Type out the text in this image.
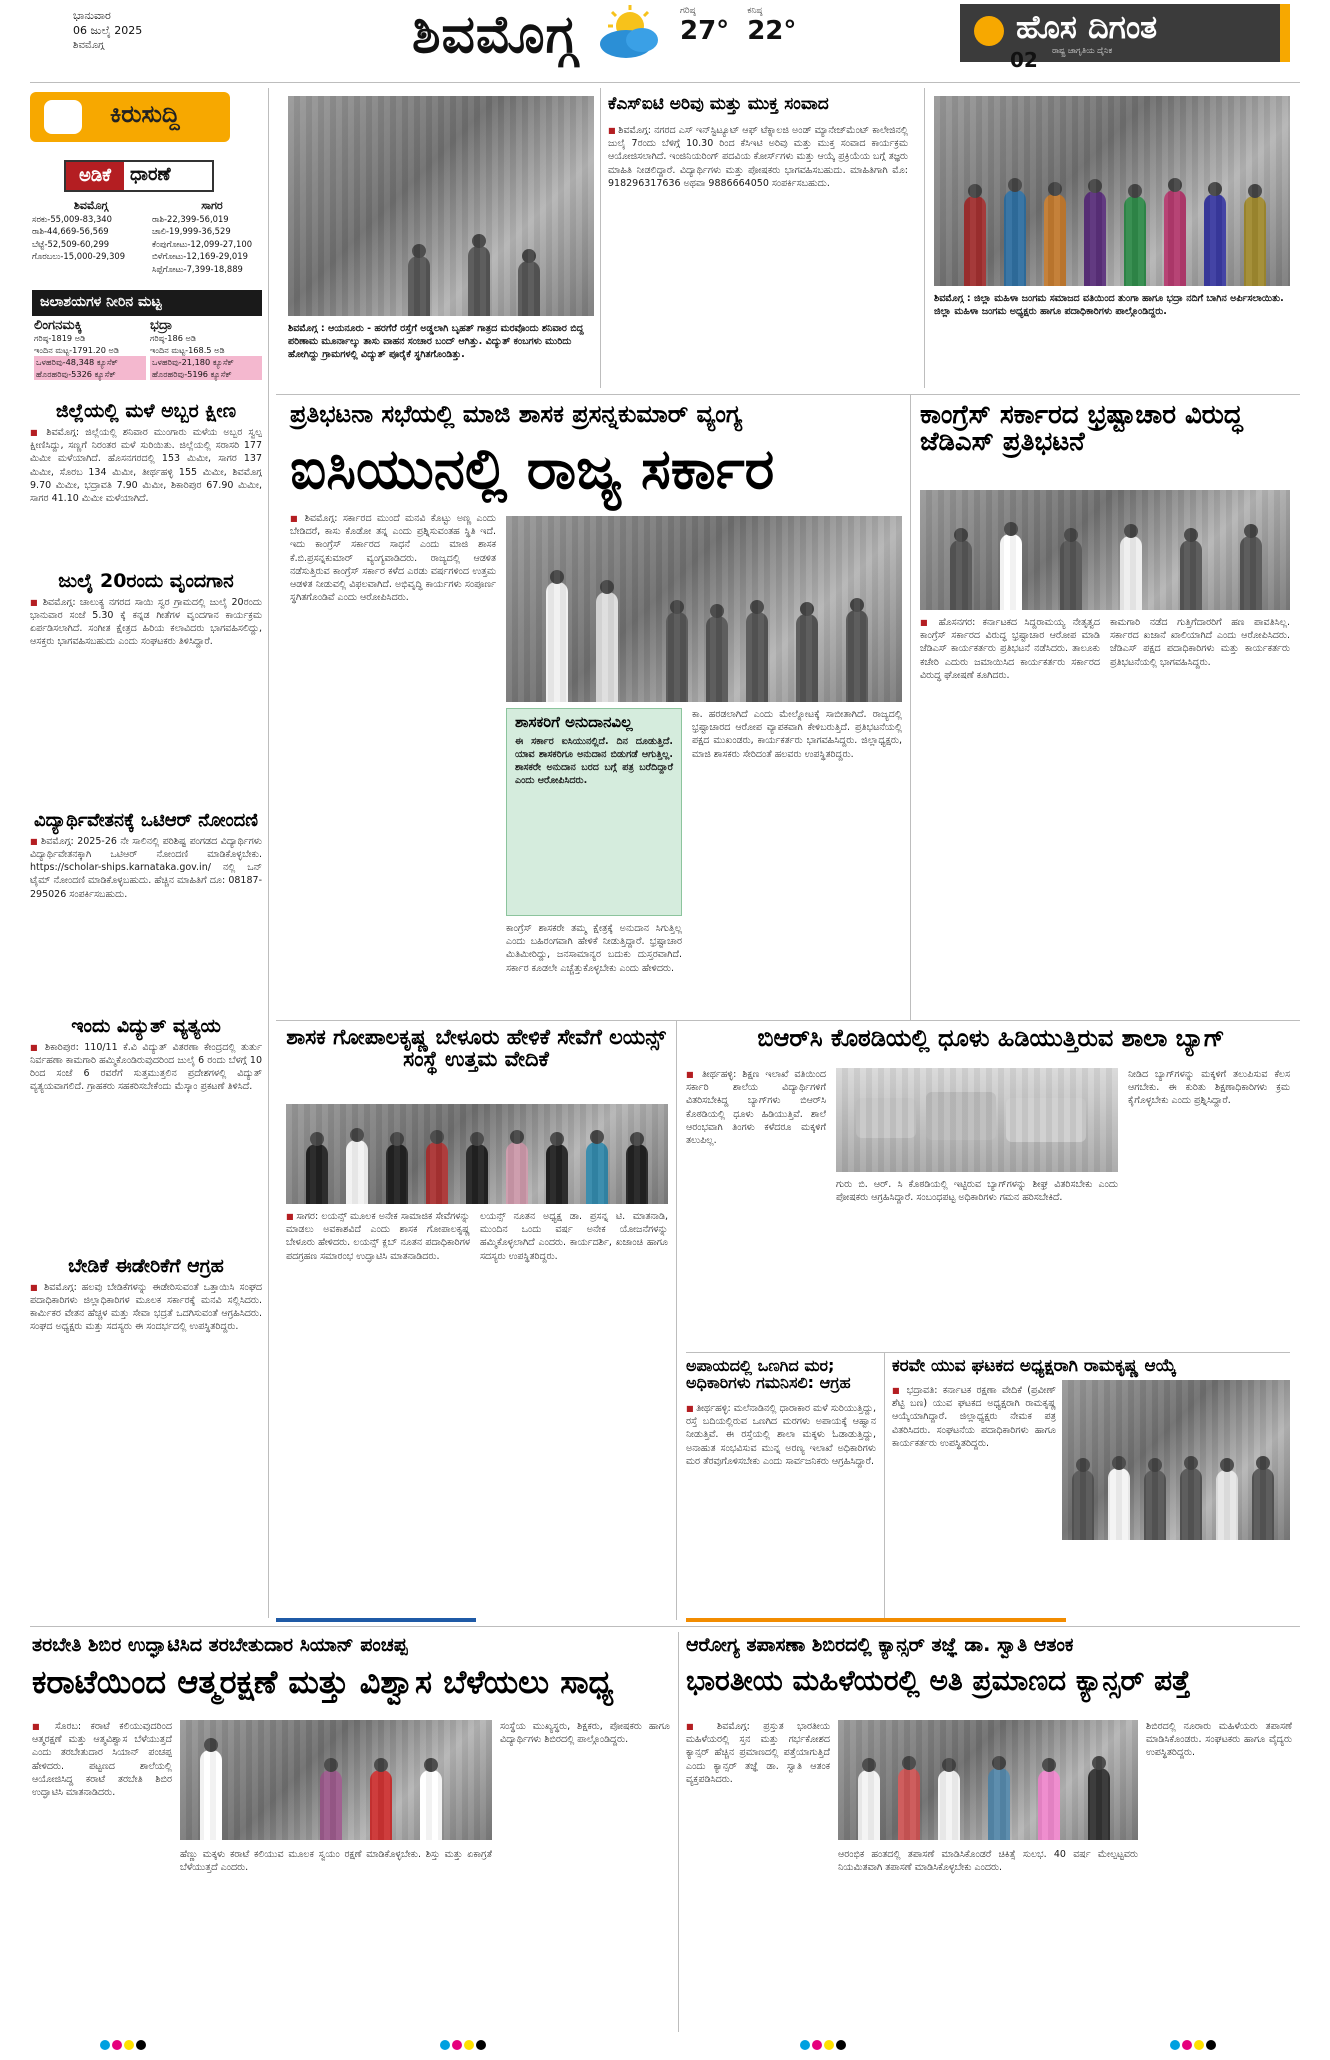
ಭಾನುವಾರ
06 ಜುಲೈ 2025
ಶಿವಮೊಗ್ಗ	ಶಿವಮೊಗ್ಗ	ಗರಿಷ್ಠ
27°
ಕನಿಷ್ಠ
22°	ಹೊಸ ದಿಗಂತ
ರಾಷ್ಟ್ರ ಜಾಗೃತಿಯ ದೈನಿಕ
02
ಕಿರುಸುದ್ದಿ
ಅಡಿಕೆ	ಧಾರಣೆ
ಶಿವಮೊಗ್ಗ
ಸರಕು-55,009-83,340
ರಾಶಿ-44,669-56,569
ಬೆಟ್ಟೆ-52,509-60,299
ಗೊರಬಲು-15,000-29,309
ಸಾಗರ
ರಾಶಿ-22,399-56,019
ಚಾಲಿ-19,999-36,529
ಕೆಂಪುಗೋಟು-12,099-27,100
ಬಿಳೆಗೋಟು-12,169-29,019
ಸಿಪ್ಪೆಗೋಟು-7,399-18,889
ಜಲಾಶಯಗಳ ನೀರಿನ ಮಟ್ಟ
ಲಿಂಗನಮಕ್ಕಿ
ಗರಿಷ್ಠ-1819 ಅಡಿ
ಇಂದಿನ ಮಟ್ಟ-1791.20 ಅಡಿ
ಒಳಹರಿವು-48,348 ಕ್ಯೂಸೆಕ್
ಹೊರಹರಿವು-5326 ಕ್ಯೂಸೆಕ್
ಭದ್ರಾ
ಗರಿಷ್ಠ-186 ಅಡಿ
ಇಂದಿನ ಮಟ್ಟ-168.5 ಅಡಿ
ಒಳಹರಿವು-21,180 ಕ್ಯೂಸೆಕ್
ಹೊರಹರಿವು-5196 ಕ್ಯೂಸೆಕ್
ಜಿಲ್ಲೆಯಲ್ಲಿ ಮಳೆ ಅಬ್ಬರ ಕ್ಷೀಣ
■ ಶಿವಮೊಗ್ಗ: ಜಿಲ್ಲೆಯಲ್ಲಿ ಶನಿವಾರ ಮುಂಗಾರು ಮಳೆಯ ಅಬ್ಬರ ಸ್ವಲ್ಪ ಕ್ಷೀಣಿಸಿದ್ದು, ಸಣ್ಣಗೆ ನಿರಂತರ ಮಳೆ ಸುರಿಯಿತು. ಜಿಲ್ಲೆಯಲ್ಲಿ ಸರಾಸರಿ 177 ಮಿಮೀ ಮಳೆಯಾಗಿದೆ. ಹೊಸನಗರದಲ್ಲಿ 153 ಮಿಮೀ, ಸಾಗರ 137 ಮಿಮೀ, ಸೊರಬ 134 ಮಿಮೀ, ತೀರ್ಥಹಳ್ಳಿ 155 ಮಿಮೀ, ಶಿವಮೊಗ್ಗ 9.70 ಮಿಮೀ, ಭದ್ರಾವತಿ 7.90 ಮಿಮೀ, ಶಿಕಾರಿಪುರ 67.90 ಮಿಮೀ, ಸಾಗರ 41.10 ಮಿಮೀ ಮಳೆಯಾಗಿದೆ.
ಜುಲೈ 20ರಂದು ವೃಂದಗಾನ
■ ಶಿವಮೊಗ್ಗ: ಚಾಲುಕ್ಯ ನಗರದ ಸಾಯಿ ಸ್ವರ ಗ್ರಾಮದಲ್ಲಿ ಜುಲೈ 20ರಂದು ಭಾನುವಾರ ಸಂಜೆ 5.30 ಕ್ಕೆ ಕನ್ನಡ ಗೀತೆಗಳ ವೃಂದಗಾನ ಕಾರ್ಯಕ್ರಮ ಏರ್ಪಡಿಸಲಾಗಿದೆ. ಸಂಗೀತ ಕ್ಷೇತ್ರದ ಹಿರಿಯ ಕಲಾವಿದರು ಭಾಗವಹಿಸಲಿದ್ದು, ಆಸಕ್ತರು ಭಾಗವಹಿಸಬಹುದು ಎಂದು ಸಂಘಟಕರು ತಿಳಿಸಿದ್ದಾರೆ.
ವಿದ್ಯಾರ್ಥಿವೇತನಕ್ಕೆ ಒಟಿಆರ್ ನೋಂದಣಿ
■ ಶಿವಮೊಗ್ಗ: 2025-26 ನೇ ಸಾಲಿನಲ್ಲಿ ಪರಿಶಿಷ್ಟ ಪಂಗಡದ ವಿದ್ಯಾರ್ಥಿಗಳು ವಿದ್ಯಾರ್ಥಿವೇತನಕ್ಕಾಗಿ ಒಟಿಆರ್ ನೋಂದಣಿ ಮಾಡಿಕೊಳ್ಳಬೇಕು. https://scholar-ships.karnataka.gov.in/ ನಲ್ಲಿ ಒನ್ ಟೈಮ್ ನೋಂದಣಿ ಮಾಡಿಕೊಳ್ಳಬಹುದು. ಹೆಚ್ಚಿನ ಮಾಹಿತಿಗೆ ದೂ: 08187-295026 ಸಂಪರ್ಕಿಸಬಹುದು.
ಇಂದು ವಿದ್ಯುತ್ ವ್ಯತ್ಯಯ
■ ಶಿಕಾರಿಪುರ: 110/11 ಕೆ.ವಿ ವಿದ್ಯುತ್ ವಿತರಣಾ ಕೇಂದ್ರದಲ್ಲಿ ತುರ್ತು ನಿರ್ವಹಣಾ ಕಾಮಗಾರಿ ಹಮ್ಮಿಕೊಂಡಿರುವುದರಿಂದ ಜುಲೈ 6 ರಂದು ಬೆಳಗ್ಗೆ 10 ರಿಂದ ಸಂಜೆ 6 ರವರೆಗೆ ಸುತ್ತಮುತ್ತಲಿನ ಪ್ರದೇಶಗಳಲ್ಲಿ ವಿದ್ಯುತ್ ವ್ಯತ್ಯಯವಾಗಲಿದೆ. ಗ್ರಾಹಕರು ಸಹಕರಿಸಬೇಕೆಂದು ಮೆಸ್ಕಾಂ ಪ್ರಕಟಣೆ ತಿಳಿಸಿದೆ.
ಬೇಡಿಕೆ ಈಡೇರಿಕೆಗೆ ಆಗ್ರಹ
■ ಶಿವಮೊಗ್ಗ: ಹಲವು ಬೇಡಿಕೆಗಳನ್ನು ಈಡೇರಿಸುವಂತೆ ಒತ್ತಾಯಿಸಿ ಸಂಘದ ಪದಾಧಿಕಾರಿಗಳು ಜಿಲ್ಲಾಧಿಕಾರಿಗಳ ಮೂಲಕ ಸರ್ಕಾರಕ್ಕೆ ಮನವಿ ಸಲ್ಲಿಸಿದರು. ಕಾರ್ಮಿಕರ ವೇತನ ಹೆಚ್ಚಳ ಮತ್ತು ಸೇವಾ ಭದ್ರತೆ ಒದಗಿಸುವಂತೆ ಆಗ್ರಹಿಸಿದರು. ಸಂಘದ ಅಧ್ಯಕ್ಷರು ಮತ್ತು ಸದಸ್ಯರು ಈ ಸಂದರ್ಭದಲ್ಲಿ ಉಪಸ್ಥಿತರಿದ್ದರು.
ಶಿವಮೊಗ್ಗ : ಆಯನೂರು - ಹರಗೆರೆ ರಸ್ತೆಗೆ ಅಡ್ಡಲಾಗಿ ಬೃಹತ್ ಗಾತ್ರದ ಮರವೊಂದು ಶನಿವಾರ ಬಿದ್ದ ಪರಿಣಾಮ ಮೂರ್ನಾಲ್ಕು ತಾಸು ವಾಹನ ಸಂಚಾರ ಬಂದ್ ಆಗಿತ್ತು. ವಿದ್ಯುತ್ ಕಂಬಗಳು ಮುರಿದು ಹೋಗಿದ್ದು ಗ್ರಾಮಗಳಲ್ಲಿ ವಿದ್ಯುತ್ ಪೂರೈಕೆ ಸ್ಥಗಿತಗೊಂಡಿತ್ತು.
ಕೆಎಸ್‌ಐಟಿ ಅರಿವು ಮತ್ತು ಮುಕ್ತ ಸಂವಾದ
■ ಶಿವಮೊಗ್ಗ: ನಗರದ ಎಸ್ ಇನ್‌ಸ್ಟಿಟ್ಯೂಟ್ ಆಫ್ ಟೆಕ್ನಾಲಜಿ ಅಂಡ್ ಮ್ಯಾನೇಜ್‌ಮೆಂಟ್ ಕಾಲೇಜಿನಲ್ಲಿ ಜುಲೈ 7ರಂದು ಬೆಳಿಗ್ಗೆ 10.30 ರಿಂದ ಕೆಸಿಇಟಿ ಅರಿವು ಮತ್ತು ಮುಕ್ತ ಸಂವಾದ ಕಾರ್ಯಕ್ರಮ ಆಯೋಜಿಸಲಾಗಿದೆ. ಇಂಜಿನಿಯರಿಂಗ್ ಪದವಿಯ ಕೋರ್ಸ್‌ಗಳು ಮತ್ತು ಆಯ್ಕೆ ಪ್ರಕ್ರಿಯೆಯ ಬಗ್ಗೆ ತಜ್ಞರು ಮಾಹಿತಿ ನೀಡಲಿದ್ದಾರೆ. ವಿದ್ಯಾರ್ಥಿಗಳು ಮತ್ತು ಪೋಷಕರು ಭಾಗವಹಿಸಬಹುದು. ಮಾಹಿತಿಗಾಗಿ ಮೊ: 918296317636 ಅಥವಾ 9886664050 ಸಂಪರ್ಕಿಸಬಹುದು.
ಶಿವಮೊಗ್ಗ : ಜಿಲ್ಲಾ ಮಹಿಳಾ ಜಂಗಮ ಸಮಾಜದ ವತಿಯಿಂದ ತುಂಗಾ ಹಾಗೂ ಭದ್ರಾ ನದಿಗೆ ಬಾಗಿನ ಅರ್ಪಿಸಲಾಯಿತು. ಜಿಲ್ಲಾ ಮಹಿಳಾ ಜಂಗಮ ಅಧ್ಯಕ್ಷರು ಹಾಗೂ ಪದಾಧಿಕಾರಿಗಳು ಪಾಲ್ಗೊಂಡಿದ್ದರು.
ಪ್ರತಿಭಟನಾ ಸಭೆಯಲ್ಲಿ ಮಾಜಿ ಶಾಸಕ ಪ್ರಸನ್ನಕುಮಾರ್ ವ್ಯಂಗ್ಯ
ಐಸಿಯುನಲ್ಲಿ ರಾಜ್ಯ ಸರ್ಕಾರ
■ ಶಿವಮೊಗ್ಗ: ಸರ್ಕಾರದ ಮುಂದೆ ಮನವಿ ಕೊಟ್ಟು ಅಣ್ಣ ಎಂದು ಬೇಡಿದರೆ, ಕಾಸು ಕೊಡೋ ತನ್ನ ಎಂದು ಪ್ರಶ್ನಿಸುವಂತಹ ಸ್ಥಿತಿ ಇದೆ. ಇದು ಕಾಂಗ್ರೆಸ್ ಸರ್ಕಾರದ ಸಾಧನೆ ಎಂದು ಮಾಜಿ ಶಾಸಕ ಕೆ.ಬಿ.ಪ್ರಸನ್ನಕುಮಾರ್ ವ್ಯಂಗ್ಯವಾಡಿದರು. ರಾಜ್ಯದಲ್ಲಿ ಆಡಳಿತ ನಡೆಸುತ್ತಿರುವ ಕಾಂಗ್ರೆಸ್ ಸರ್ಕಾರ ಕಳೆದ ಎರಡು ವರ್ಷಗಳಿಂದ ಉತ್ತಮ ಆಡಳಿತ ನೀಡುವಲ್ಲಿ ವಿಫಲವಾಗಿದೆ. ಅಭಿವೃದ್ಧಿ ಕಾರ್ಯಗಳು ಸಂಪೂರ್ಣ ಸ್ಥಗಿತಗೊಂಡಿವೆ ಎಂದು ಆರೋಪಿಸಿದರು.
ಶಾಸಕರಿಗೆ ಅನುದಾನವಿಲ್ಲ
ಈ ಸರ್ಕಾರ ಐಸಿಯುನಲ್ಲಿದೆ. ದಿನ ದೂಡುತ್ತಿದೆ. ಯಾವ ಶಾಸಕರಿಗೂ ಅನುದಾನ ಬಿಡುಗಡೆ ಆಗುತ್ತಿಲ್ಲ. ಶಾಸಕರೇ ಅನುದಾನ ಬರದ ಬಗ್ಗೆ ಪತ್ರ ಬರೆದಿದ್ದಾರೆ ಎಂದು ಆರೋಪಿಸಿದರು.
ಕಾಂಗ್ರೆಸ್ ಶಾಸಕರೇ ತಮ್ಮ ಕ್ಷೇತ್ರಕ್ಕೆ ಅನುದಾನ ಸಿಗುತ್ತಿಲ್ಲ ಎಂದು ಬಹಿರಂಗವಾಗಿ ಹೇಳಿಕೆ ನೀಡುತ್ತಿದ್ದಾರೆ. ಭ್ರಷ್ಟಾಚಾರ ಮಿತಿಮೀರಿದ್ದು, ಜನಸಾಮಾನ್ಯರ ಬದುಕು ದುಸ್ತರವಾಗಿದೆ. ಸರ್ಕಾರ ಕೂಡಲೇ ಎಚ್ಚೆತ್ತುಕೊಳ್ಳಬೇಕು ಎಂದು ಹೇಳಿದರು.
ಕಾ. ಹರಡಲಾಗಿದೆ ಎಂದು ಮೇಲ್ನೋಟಕ್ಕೆ ಸಾಬೀತಾಗಿದೆ. ರಾಜ್ಯದಲ್ಲಿ ಭ್ರಷ್ಟಾಚಾರದ ಆರೋಪ ವ್ಯಾಪಕವಾಗಿ ಕೇಳಿಬರುತ್ತಿದೆ. ಪ್ರತಿಭಟನೆಯಲ್ಲಿ ಪಕ್ಷದ ಮುಖಂಡರು, ಕಾರ್ಯಕರ್ತರು ಭಾಗವಹಿಸಿದ್ದರು. ಜಿಲ್ಲಾಧ್ಯಕ್ಷರು, ಮಾಜಿ ಶಾಸಕರು ಸೇರಿದಂತೆ ಹಲವರು ಉಪಸ್ಥಿತರಿದ್ದರು.
ಕಾಂಗ್ರೆಸ್ ಸರ್ಕಾರದ ಭ್ರಷ್ಟಾಚಾರ ವಿರುದ್ಧ ಜೆಡಿಎಸ್ ಪ್ರತಿಭಟನೆ
■ ಹೊಸನಗರ: ಕರ್ನಾಟಕದ ಸಿದ್ದರಾಮಯ್ಯ ನೇತೃತ್ವದ ಕಾಂಗ್ರೆಸ್ ಸರ್ಕಾರದ ವಿರುದ್ಧ ಭ್ರಷ್ಟಾಚಾರ ಆರೋಪ ಮಾಡಿ ಜೆಡಿಎಸ್ ಕಾರ್ಯಕರ್ತರು ಪ್ರತಿಭಟನೆ ನಡೆಸಿದರು. ತಾಲೂಕು ಕಚೇರಿ ಎದುರು ಜಮಾಯಿಸಿದ ಕಾರ್ಯಕರ್ತರು ಸರ್ಕಾರದ ವಿರುದ್ಧ ಘೋಷಣೆ ಕೂಗಿದರು.
ಕಾಮಗಾರಿ ನಡೆದ ಗುತ್ತಿಗೆದಾರರಿಗೆ ಹಣ ಪಾವತಿಸಿಲ್ಲ. ಸರ್ಕಾರದ ಖಜಾನೆ ಖಾಲಿಯಾಗಿದೆ ಎಂದು ಆರೋಪಿಸಿದರು. ಜೆಡಿಎಸ್ ಪಕ್ಷದ ಪದಾಧಿಕಾರಿಗಳು ಮತ್ತು ಕಾರ್ಯಕರ್ತರು ಪ್ರತಿಭಟನೆಯಲ್ಲಿ ಭಾಗವಹಿಸಿದ್ದರು.
ಶಾಸಕ ಗೋಪಾಲಕೃಷ್ಣ ಬೇಳೂರು ಹೇಳಿಕೆ ಸೇವೆಗೆ ಲಯನ್ಸ್ ಸಂಸ್ಥೆ ಉತ್ತಮ ವೇದಿಕೆ
■ ಸಾಗರ: ಲಯನ್ಸ್ ಮೂಲಕ ಅನೇಕ ಸಾಮಾಜಿಕ ಸೇವೆಗಳನ್ನು ಮಾಡಲು ಅವಕಾಶವಿದೆ ಎಂದು ಶಾಸಕ ಗೋಪಾಲಕೃಷ್ಣ ಬೇಳೂರು ಹೇಳಿದರು. ಲಯನ್ಸ್ ಕ್ಲಬ್ ನೂತನ ಪದಾಧಿಕಾರಿಗಳ ಪದಗ್ರಹಣ ಸಮಾರಂಭ ಉದ್ಘಾಟಿಸಿ ಮಾತನಾಡಿದರು.
ಲಯನ್ಸ್ ನೂತನ ಅಧ್ಯಕ್ಷ ಡಾ. ಪ್ರಸನ್ನ ಟಿ. ಮಾತನಾಡಿ, ಮುಂದಿನ ಒಂದು ವರ್ಷ ಅನೇಕ ಯೋಜನೆಗಳನ್ನು ಹಮ್ಮಿಕೊಳ್ಳಲಾಗಿದೆ ಎಂದರು. ಕಾರ್ಯದರ್ಶಿ, ಖಜಾಂಚಿ ಹಾಗೂ ಸದಸ್ಯರು ಉಪಸ್ಥಿತರಿದ್ದರು.
ಬಿಆರ್‌ಸಿ ಕೊಠಡಿಯಲ್ಲಿ ಧೂಳು ಹಿಡಿಯುತ್ತಿರುವ ಶಾಲಾ ಬ್ಯಾಗ್
■ ತೀರ್ಥಹಳ್ಳಿ: ಶಿಕ್ಷಣ ಇಲಾಖೆ ವತಿಯಿಂದ ಸರ್ಕಾರಿ ಶಾಲೆಯ ವಿದ್ಯಾರ್ಥಿಗಳಿಗೆ ವಿತರಿಸಬೇಕಿದ್ದ ಬ್ಯಾಗ್‌ಗಳು ಬಿಆರ್‌ಸಿ ಕೊಠಡಿಯಲ್ಲಿ ಧೂಳು ಹಿಡಿಯುತ್ತಿವೆ. ಶಾಲೆ ಆರಂಭವಾಗಿ ತಿಂಗಳು ಕಳೆದರೂ ಮಕ್ಕಳಿಗೆ ತಲುಪಿಲ್ಲ.
ಗುರು ಬಿ. ಆರ್. ಸಿ ಕೊಠಡಿಯಲ್ಲಿ ಇಟ್ಟಿರುವ ಬ್ಯಾಗ್‌ಗಳನ್ನು ಶೀಘ್ರ ವಿತರಿಸಬೇಕು ಎಂದು ಪೋಷಕರು ಆಗ್ರಹಿಸಿದ್ದಾರೆ. ಸಂಬಂಧಪಟ್ಟ ಅಧಿಕಾರಿಗಳು ಗಮನ ಹರಿಸಬೇಕಿದೆ.
ನೀಡಿದ ಬ್ಯಾಗ್‌ಗಳನ್ನು ಮಕ್ಕಳಿಗೆ ತಲುಪಿಸುವ ಕೆಲಸ ಆಗಬೇಕು. ಈ ಕುರಿತು ಶಿಕ್ಷಣಾಧಿಕಾರಿಗಳು ಕ್ರಮ ಕೈಗೊಳ್ಳಬೇಕು ಎಂದು ಪ್ರಶ್ನಿಸಿದ್ದಾರೆ.
ಅಪಾಯದಲ್ಲಿ ಒಣಗಿದ ಮರ; ಅಧಿಕಾರಿಗಳು ಗಮನಿಸಲಿ: ಆಗ್ರಹ
■ ತೀರ್ಥಹಳ್ಳಿ: ಮಲೆನಾಡಿನಲ್ಲಿ ಧಾರಾಕಾರ ಮಳೆ ಸುರಿಯುತ್ತಿದ್ದು, ರಸ್ತೆ ಬದಿಯಲ್ಲಿರುವ ಒಣಗಿದ ಮರಗಳು ಅಪಾಯಕ್ಕೆ ಆಹ್ವಾನ ನೀಡುತ್ತಿವೆ. ಈ ರಸ್ತೆಯಲ್ಲಿ ಶಾಲಾ ಮಕ್ಕಳು ಓಡಾಡುತ್ತಿದ್ದು, ಅನಾಹುತ ಸಂಭವಿಸುವ ಮುನ್ನ ಅರಣ್ಯ ಇಲಾಖೆ ಅಧಿಕಾರಿಗಳು ಮರ ತೆರವುಗೊಳಿಸಬೇಕು ಎಂದು ಸಾರ್ವಜನಿಕರು ಆಗ್ರಹಿಸಿದ್ದಾರೆ.
ಕರವೇ ಯುವ ಘಟಕದ ಅಧ್ಯಕ್ಷರಾಗಿ ರಾಮಕೃಷ್ಣ ಆಯ್ಕೆ
■ ಭದ್ರಾವತಿ: ಕರ್ನಾಟಕ ರಕ್ಷಣಾ ವೇದಿಕೆ (ಪ್ರವೀಣ್ ಶೆಟ್ಟಿ ಬಣ) ಯುವ ಘಟಕದ ಅಧ್ಯಕ್ಷರಾಗಿ ರಾಮಕೃಷ್ಣ ಆಯ್ಕೆಯಾಗಿದ್ದಾರೆ. ಜಿಲ್ಲಾಧ್ಯಕ್ಷರು ನೇಮಕ ಪತ್ರ ವಿತರಿಸಿದರು. ಸಂಘಟನೆಯ ಪದಾಧಿಕಾರಿಗಳು ಹಾಗೂ ಕಾರ್ಯಕರ್ತರು ಉಪಸ್ಥಿತರಿದ್ದರು.
ತರಬೇತಿ ಶಿಬಿರ ಉದ್ಘಾಟಿಸಿದ ತರಬೇತುದಾರ ಸಿಯಾನ್ ಪಂಚಪ್ಪ
ಕರಾಟೆಯಿಂದ ಆತ್ಮರಕ್ಷಣೆ ಮತ್ತು ವಿಶ್ವಾಸ ಬೆಳೆಯಲು ಸಾಧ್ಯ
■ ಸೊರಬ: ಕರಾಟೆ ಕಲಿಯುವುದರಿಂದ ಆತ್ಮರಕ್ಷಣೆ ಮತ್ತು ಆತ್ಮವಿಶ್ವಾಸ ಬೆಳೆಯುತ್ತದೆ ಎಂದು ತರಬೇತುದಾರ ಸಿಯಾನ್ ಪಂಚಪ್ಪ ಹೇಳಿದರು. ಪಟ್ಟಣದ ಶಾಲೆಯಲ್ಲಿ ಆಯೋಜಿಸಿದ್ದ ಕರಾಟೆ ತರಬೇತಿ ಶಿಬಿರ ಉದ್ಘಾಟಿಸಿ ಮಾತನಾಡಿದರು.
ಹೆಣ್ಣು ಮಕ್ಕಳು ಕರಾಟೆ ಕಲಿಯುವ ಮೂಲಕ ಸ್ವಯಂ ರಕ್ಷಣೆ ಮಾಡಿಕೊಳ್ಳಬೇಕು. ಶಿಸ್ತು ಮತ್ತು ಏಕಾಗ್ರತೆ ಬೆಳೆಯುತ್ತದೆ ಎಂದರು.
ಸಂಸ್ಥೆಯ ಮುಖ್ಯಸ್ಥರು, ಶಿಕ್ಷಕರು, ಪೋಷಕರು ಹಾಗೂ ವಿದ್ಯಾರ್ಥಿಗಳು ಶಿಬಿರದಲ್ಲಿ ಪಾಲ್ಗೊಂಡಿದ್ದರು.
ಆರೋಗ್ಯ ತಪಾಸಣಾ ಶಿಬಿರದಲ್ಲಿ ಕ್ಯಾನ್ಸರ್ ತಜ್ಞೆ ಡಾ. ಸ್ವಾತಿ ಆತಂಕ
ಭಾರತೀಯ ಮಹಿಳೆಯರಲ್ಲಿ ಅತಿ ಪ್ರಮಾಣದ ಕ್ಯಾನ್ಸರ್ ಪತ್ತೆ
■ ಶಿವಮೊಗ್ಗ: ಪ್ರಸ್ತುತ ಭಾರತೀಯ ಮಹಿಳೆಯರಲ್ಲಿ ಸ್ತನ ಮತ್ತು ಗರ್ಭಕೋಶದ ಕ್ಯಾನ್ಸರ್ ಹೆಚ್ಚಿನ ಪ್ರಮಾಣದಲ್ಲಿ ಪತ್ತೆಯಾಗುತ್ತಿದೆ ಎಂದು ಕ್ಯಾನ್ಸರ್ ತಜ್ಞೆ ಡಾ. ಸ್ವಾತಿ ಆತಂಕ ವ್ಯಕ್ತಪಡಿಸಿದರು.
ಆರಂಭಿಕ ಹಂತದಲ್ಲಿ ತಪಾಸಣೆ ಮಾಡಿಸಿಕೊಂಡರೆ ಚಿಕಿತ್ಸೆ ಸುಲಭ. 40 ವರ್ಷ ಮೇಲ್ಪಟ್ಟವರು ನಿಯಮಿತವಾಗಿ ತಪಾಸಣೆ ಮಾಡಿಸಿಕೊಳ್ಳಬೇಕು ಎಂದರು.
ಶಿಬಿರದಲ್ಲಿ ನೂರಾರು ಮಹಿಳೆಯರು ತಪಾಸಣೆ ಮಾಡಿಸಿಕೊಂಡರು. ಸಂಘಟಕರು ಹಾಗೂ ವೈದ್ಯರು ಉಪಸ್ಥಿತರಿದ್ದರು.
